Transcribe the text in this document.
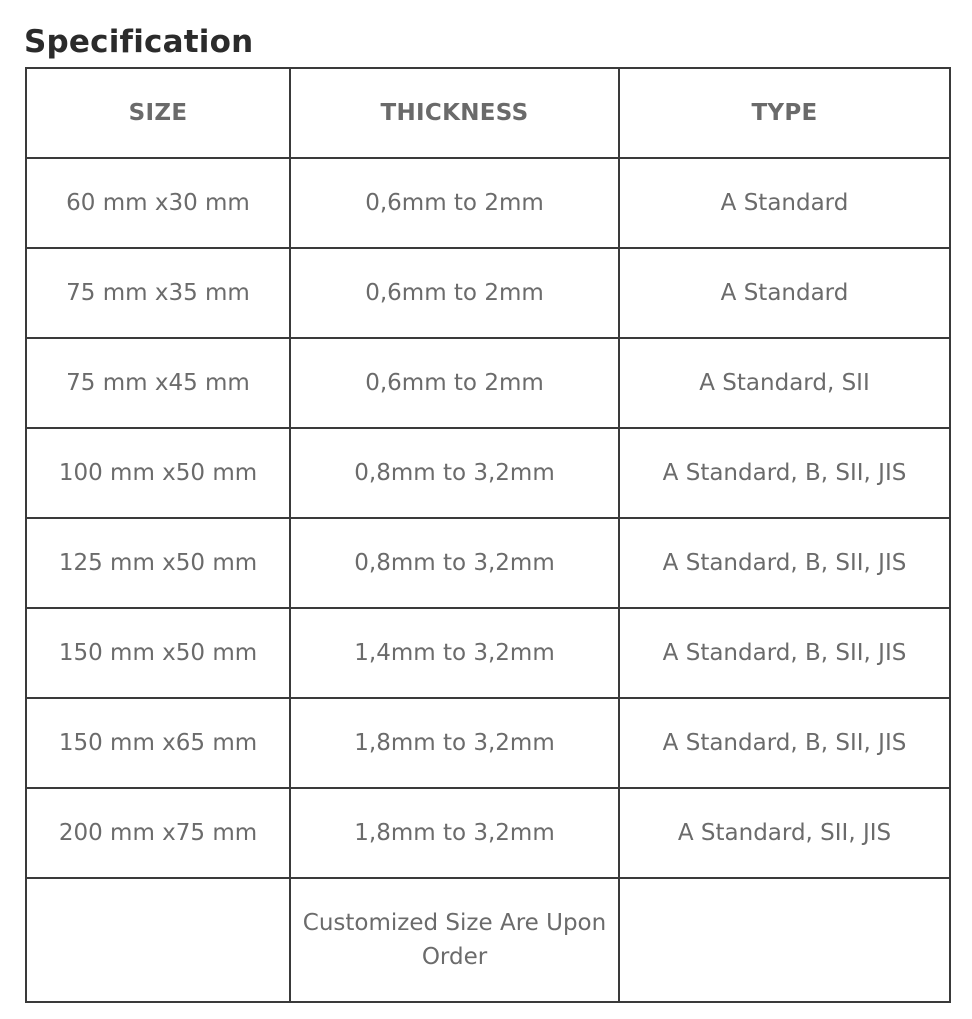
Specification
SIZE	THICKNESS	TYPE
60 mm x30 mm	0,6mm to 2mm	A Standard
75 mm x35 mm	0,6mm to 2mm	A Standard
75 mm x45 mm	0,6mm to 2mm	A Standard, SII
100 mm x50 mm	0,8mm to 3,2mm	A Standard, B, SII, JIS
125 mm x50 mm	0,8mm to 3,2mm	A Standard, B, SII, JIS
150 mm x50 mm	1,4mm to 3,2mm	A Standard, B, SII, JIS
150 mm x65 mm	1,8mm to 3,2mm	A Standard, B, SII, JIS
200 mm x75 mm	1,8mm to 3,2mm	A Standard, SII, JIS
	Customized Size Are Upon Order	
